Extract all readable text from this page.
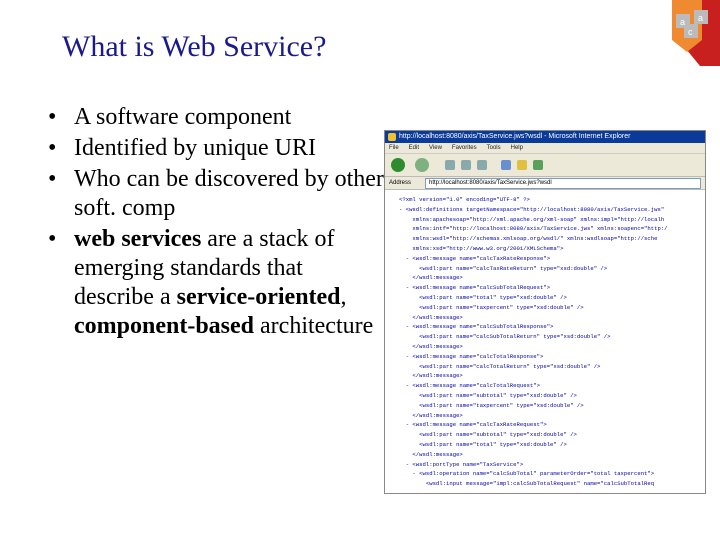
What is Web Service?
a
a
c
• A software component
• Identified by unique URI
• Who can be discovered by other soft. comp
• web services are a stack of emerging standards that describe a service-oriented, component-based architecture
http://localhost:8080/axis/TaxService.jws?wsdl - Microsoft Internet Explorer
File Edit View Favorites Tools Help
Address	http://localhost:8080/axis/TaxService.jws?wsdl
<?xml version="1.0" encoding="UTF-8" ?>
- <wsdl:definitions targetNamespace="http://localhost:8080/axis/TaxService.jws"
xmlns:apachesoap="http://xml.apache.org/xml-soap" xmlns:impl="http://localh
xmlns:intf="http://localhost:8080/axis/TaxService.jws" xmlns:soapenc="http:/
xmlns:wsdl="http://schemas.xmlsoap.org/wsdl/" xmlns:wsdlsoap="http://sche
xmlns:xsd="http://www.w3.org/2001/XMLSchema">
- <wsdl:message name="calcTaxRateResponse">
<wsdl:part name="calcTaxRateReturn" type="xsd:double" />
</wsdl:message>
- <wsdl:message name="calcSubTotalRequest">
<wsdl:part name="total" type="xsd:double" />
<wsdl:part name="taxpercent" type="xsd:double" />
</wsdl:message>
- <wsdl:message name="calcSubTotalResponse">
<wsdl:part name="calcSubTotalReturn" type="xsd:double" />
</wsdl:message>
- <wsdl:message name="calcTotalResponse">
<wsdl:part name="calcTotalReturn" type="xsd:double" />
</wsdl:message>
- <wsdl:message name="calcTotalRequest">
<wsdl:part name="subtotal" type="xsd:double" />
<wsdl:part name="taxpercent" type="xsd:double" />
</wsdl:message>
- <wsdl:message name="calcTaxRateRequest">
<wsdl:part name="subtotal" type="xsd:double" />
<wsdl:part name="total" type="xsd:double" />
</wsdl:message>
- <wsdl:portType name="TaxService">
- <wsdl:operation name="calcSubTotal" parameterOrder="total taxpercent">
<wsdl:input message="impl:calcSubTotalRequest" name="calcSubTotalReq
